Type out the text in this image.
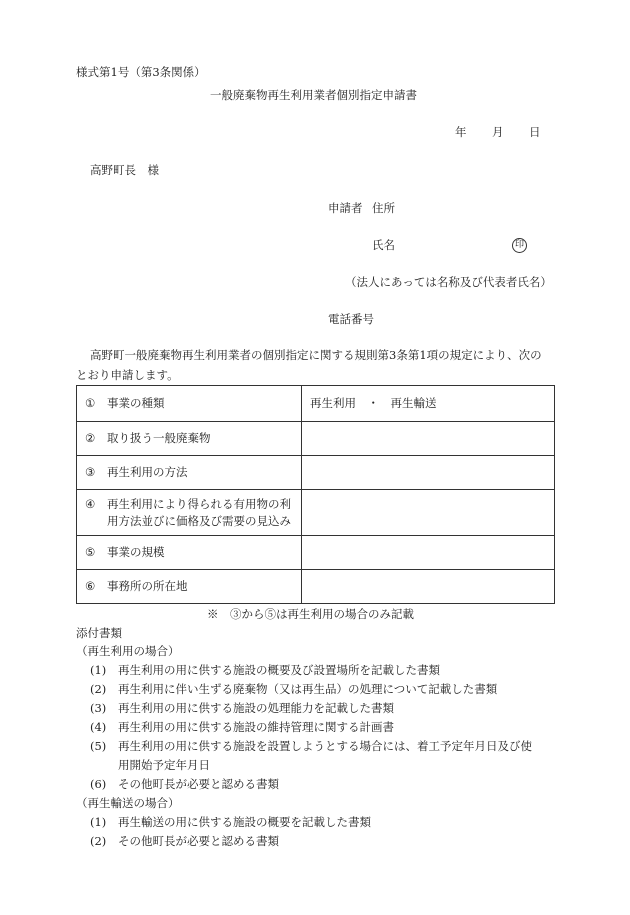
様式第1号（第3条関係）
一般廃棄物再生利用業者個別指定申請書
年 月 日
高野町長　様
申請者 住所
氏名	印
（法人にあっては名称及び代表者氏名）
電話番号
高野町一般廃棄物再生利用業者の個別指定に関する規則第3条第1項の規定により、次の
とおり申請します。
① 事業の種類	再生利用　・　再生輸送

② 取り扱う一般廃棄物	

③ 再生利用の方法	

④ 再生利用により得られる有用物の利用方法並びに価格及び需要の見込み	

⑤ 事業の規模	

⑥ 事務所の所在地	

※　③から⑤は再生利用の場合のみ記載
添付書類
（再生利用の場合）
(1)	再生利用の用に供する施設の概要及び設置場所を記載した書類
(2)	再生利用に伴い生ずる廃棄物（又は再生品）の処理について記載した書類
(3)	再生利用の用に供する施設の処理能力を記載した書類
(4)	再生利用の用に供する施設の維持管理に関する計画書
(5)	再生利用の用に供する施設を設置しようとする場合には、着工予定年月日及び使
用開始予定年月日
(6)	その他町長が必要と認める書類
（再生輸送の場合）
(1)	再生輸送の用に供する施設の概要を記載した書類
(2)	その他町長が必要と認める書類
